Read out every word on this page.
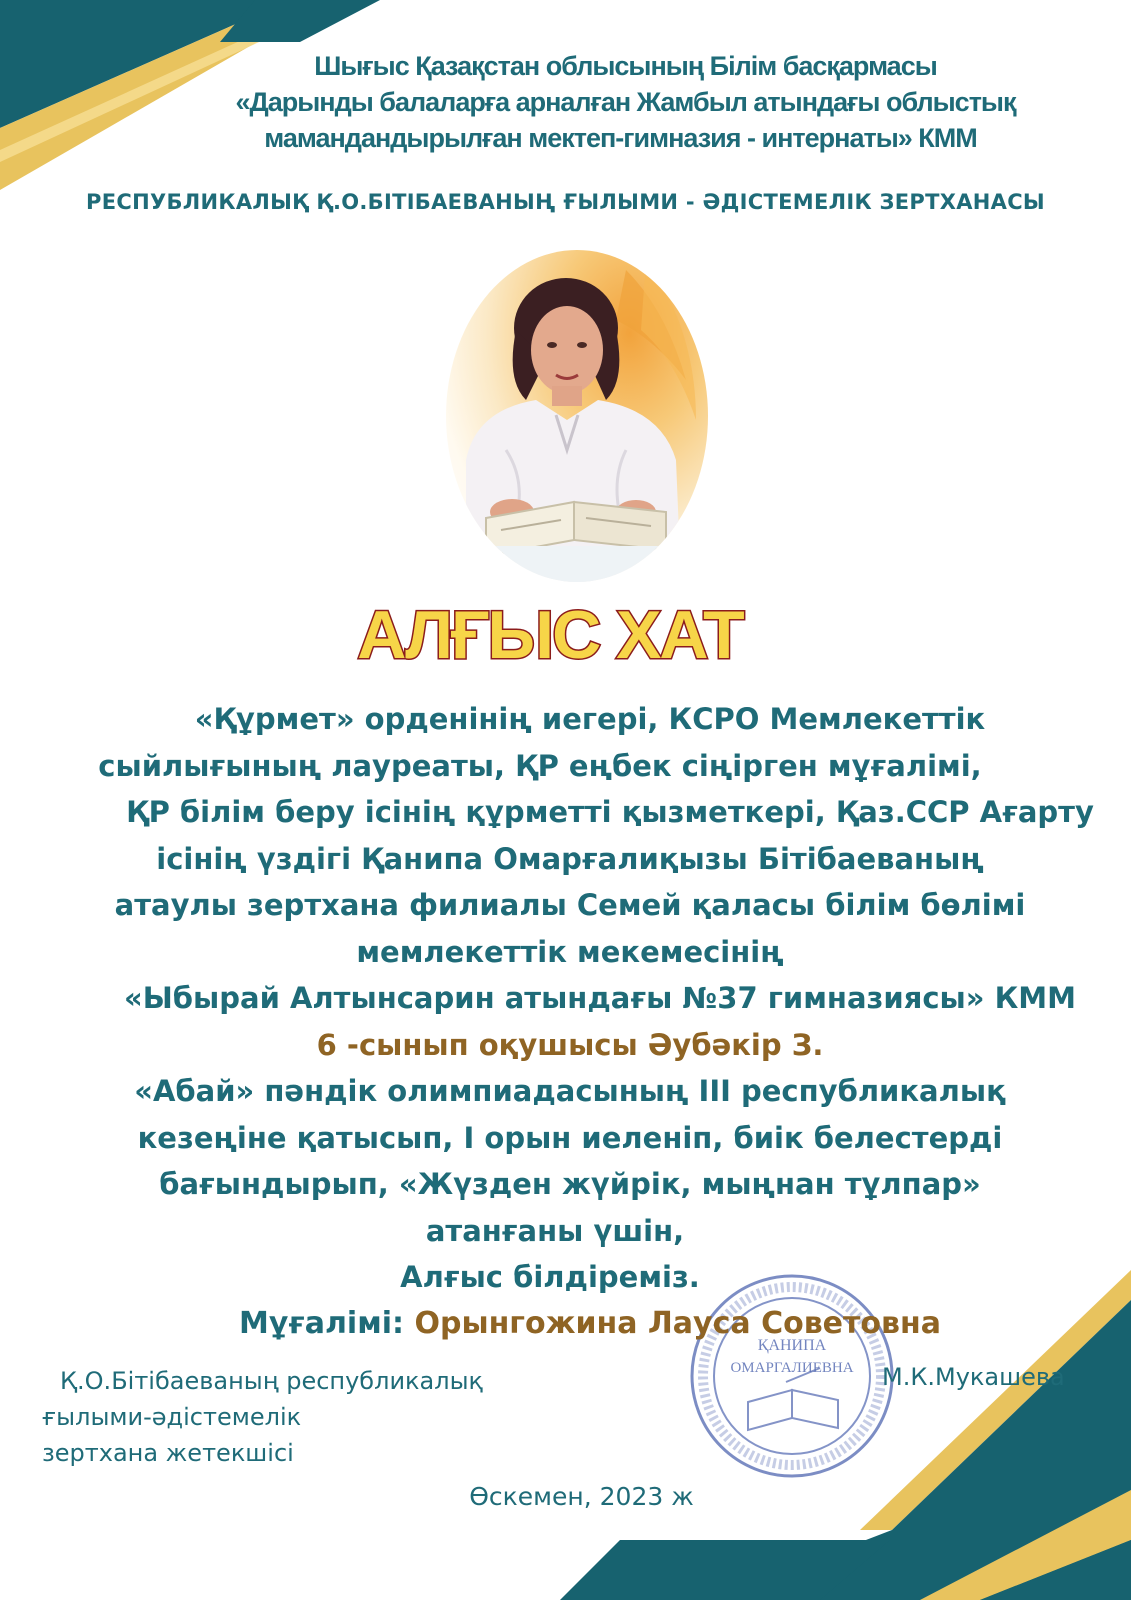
Шығыс Қазақстан облысының Білім басқармасы
«Дарынды балаларға арналған Жамбыл атындағы облыстық
мамандандырылған мектеп-гимназия - интернаты» КММ
РЕСПУБЛИКАЛЫҚ Қ.О.БІТІБАЕВАНЫҢ ҒЫЛЫМИ - ӘДІСТЕМЕЛІК ЗЕРТХАНАСЫ
АЛҒЫС ХАТ
«Құрмет» орденінің иегері, КСРО Мемлекеттік
сыйлығының лауреаты, ҚР еңбек сіңірген мұғалімі,
ҚР білім беру ісінің құрметті қызметкері, Қаз.ССР Ағарту
ісінің үздігі Қанипа Омарғалиқызы Бітібаеваның
атаулы зертхана филиалы Семей қаласы білім бөлімі
мемлекеттік мекемесінің
«Ыбырай Алтынсарин атындағы №37 гимназиясы» КММ
6 -сынып оқушысы Әубәкір З.
«Абай» пәндік олимпиадасының ІІІ республикалық
кезеңіне қатысып, І орын иеленіп, биік белестерді
бағындырып, «Жүзден жүйрік, мыңнан тұлпар»
атанғаны үшін,
Алғыс білдіреміз.
ҚАНИПА
ОМАРГАЛИЕВНА
Мұғалімі: Орынгожина Лауса Советовна
Қ.О.Бітібаеваның республикалық
ғылыми-әдістемелік
зертхана жетекшісі
М.К.Мукашева
Өскемен, 2023 ж
